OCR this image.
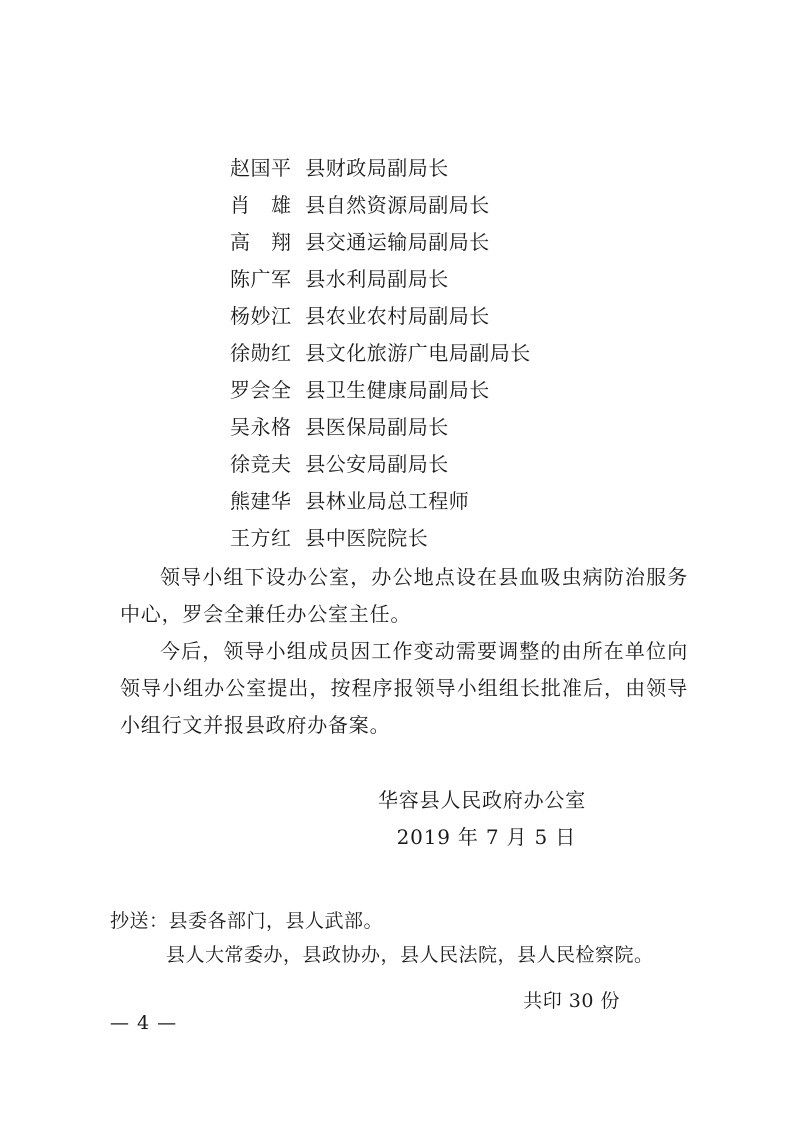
赵国平  县财政局副局长
肖　雄  县自然资源局副局长
高　翔  县交通运输局副局长
陈广军  县水利局副局长
杨妙江  县农业农村局副局长
徐勋红  县文化旅游广电局副局长
罗会全  县卫生健康局副局长
吴永格  县医保局副局长
徐竞夫  县公安局副局长
熊建华  县林业局总工程师
王方红  县中医院院长

领导小组下设办公室，办公地点设在县血吸虫病防治服务中心，罗会全兼任办公室主任。

今后，领导小组成员因工作变动需要调整的由所在单位向领导小组办公室提出，按程序报领导小组组长批准后，由领导小组行文并报县政府办备案。

华容县人民政府办公室
2019 年 7 月 5 日
抄送：县委各部门，县人武部。
县人大常委办，县政协办，县人民法院，县人民检察院。
共印 30 份
— 4 —
